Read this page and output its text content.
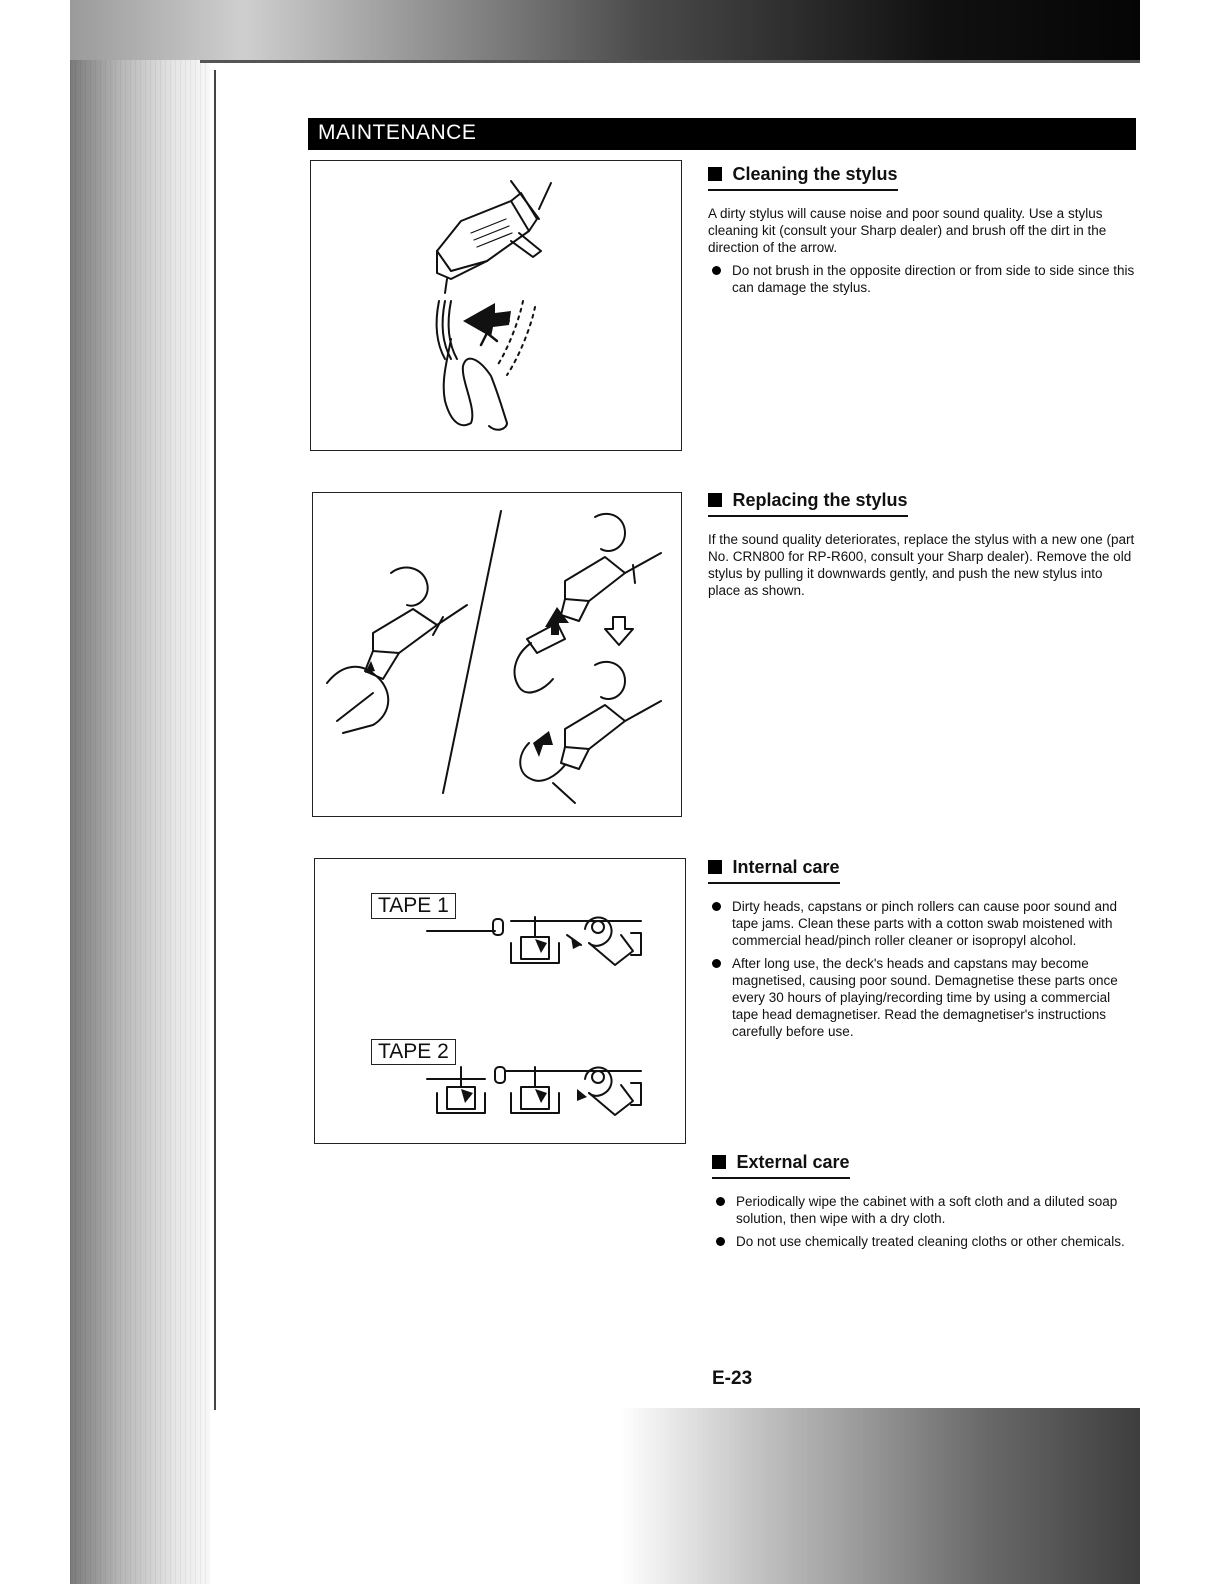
MAINTENANCE
TAPE 1
TAPE 2
Cleaning the stylus
A dirty stylus will cause noise and poor sound quality. Use a stylus cleaning kit (consult your Sharp dealer) and brush off the dirt in the direction of the arrow.
Do not brush in the opposite direction or from side to side since this can damage the stylus.
Replacing the stylus
If the sound quality deteriorates, replace the stylus with a new one (part No. CRN800 for RP-R600, consult your Sharp dealer). Remove the old stylus by pulling it downwards gently, and push the new stylus into place as shown.
Internal care
Dirty heads, capstans or pinch rollers can cause poor sound and tape jams. Clean these parts with a cotton swab moistened with commercial head/pinch roller cleaner or isopropyl alcohol.
After long use, the deck's heads and capstans may become magnetised, causing poor sound. Demagnetise these parts once every 30 hours of playing/recording time by using a commercial tape head demagnetiser. Read the demagnetiser's instructions carefully before use.
External care
Periodically wipe the cabinet with a soft cloth and a diluted soap solution, then wipe with a dry cloth.
Do not use chemically treated cleaning cloths or other chemicals.
E-23
